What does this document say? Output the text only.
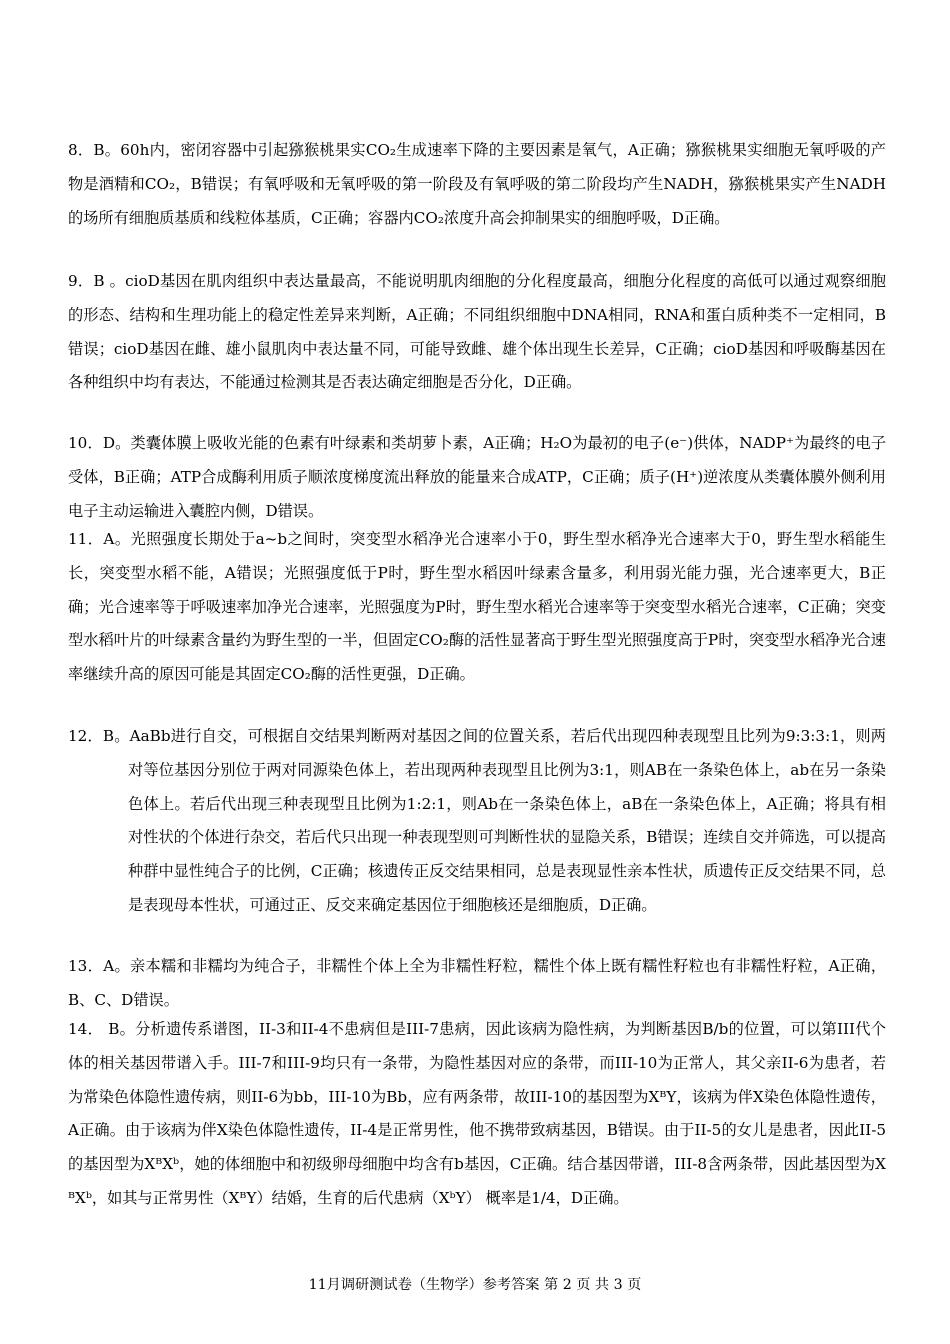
8．B。60h内，密闭容器中引起猕猴桃果实CO₂生成速率下降的主要因素是氧气，A正确；猕猴桃果实细胞无氧呼吸的产物是酒精和CO₂，B错误；有氧呼吸和无氧呼吸的第一阶段及有氧呼吸的第二阶段均产生NADH，猕猴桃果实产生NADH的场所有细胞质基质和线粒体基质，C正确；容器内CO₂浓度升高会抑制果实的细胞呼吸，D正确。
9．B 。cioD基因在肌肉组织中表达量最高，不能说明肌肉细胞的分化程度最高，细胞分化程度的高低可以通过观察细胞的形态、结构和生理功能上的稳定性差异来判断，A正确；不同组织细胞中DNA相同，RNA和蛋白质种类不一定相同，B错误；cioD基因在雌、雄小鼠肌肉中表达量不同，可能导致雌、雄个体出现生长差异，C正确；cioD基因和呼吸酶基因在各种组织中均有表达，不能通过检测其是否表达确定细胞是否分化，D正确。
10．D。类囊体膜上吸收光能的色素有叶绿素和类胡萝卜素，A正确；H₂O为最初的电子(e⁻)供体，NADP⁺为最终的电子受体，B正确；ATP合成酶利用质子顺浓度梯度流出释放的能量来合成ATP，C正确；质子(H⁺)逆浓度从类囊体膜外侧利用电子主动运输进入囊腔内侧，D错误。
11．A。光照强度长期处于a~b之间时，突变型水稻净光合速率小于0，野生型水稻净光合速率大于0，野生型水稻能生长，突变型水稻不能，A错误；光照强度低于P时，野生型水稻因叶绿素含量多，利用弱光能力强，光合速率更大，B正确；光合速率等于呼吸速率加净光合速率，光照强度为P时，野生型水稻光合速率等于突变型水稻光合速率，C正确；突变型水稻叶片的叶绿素含量约为野生型的一半，但固定CO₂酶的活性显著高于野生型光照强度高于P时，突变型水稻净光合速率继续升高的原因可能是其固定CO₂酶的活性更强，D正确。
12．B。AaBb进行自交，可根据自交结果判断两对基因之间的位置关系，若后代出现四种表现型且比列为9:3:3:1，则两对等位基因分别位于两对同源染色体上，若出现两种表现型且比例为3:1，则AB在一条染色体上，ab在另一条染色体上。若后代出现三种表现型且比例为1:2:1，则Ab在一条染色体上，aB在一条染色体上，A正确；将具有相对性状的个体进行杂交，若后代只出现一种表现型则可判断性状的显隐关系，B错误；连续自交并筛选，可以提高种群中显性纯合子的比例，C正确；核遗传正反交结果相同，总是表现显性亲本性状，质遗传正反交结果不同，总是表现母本性状，可通过正、反交来确定基因位于细胞核还是细胞质，D正确。
13．A。亲本糯和非糯均为纯合子，非糯性个体上全为非糯性籽粒，糯性个体上既有糯性籽粒也有非糯性籽粒，A正确，B、C、D错误。
14． B。分析遗传系谱图，II-3和II-4不患病但是III-7患病，因此该病为隐性病，为判断基因B/b的位置，可以第III代个体的相关基因带谱入手。III-7和III-9均只有一条带，为隐性基因对应的条带，而III-10为正常人，其父亲II-6为患者，若为常染色体隐性遗传病，则II-6为bb，III-10为Bb，应有两条带，故III-10的基因型为XᴮY，该病为伴X染色体隐性遗传，A正确。由于该病为伴X染色体隐性遗传，II-4是正常男性，他不携带致病基因，B错误。由于II-5的女儿是患者，因此II-5的基因型为XᴮXᵇ，她的体细胞中和初级卵母细胞中均含有b基因，C正确。结合基因带谱，III-8含两条带，因此基因型为XᴮXᵇ，如其与正常男性（XᴮY）结婚，生育的后代患病（XᵇY） 概率是1/4，D正确。
11月调研测试卷（生物学）参考答案 第 2 页 共 3 页
